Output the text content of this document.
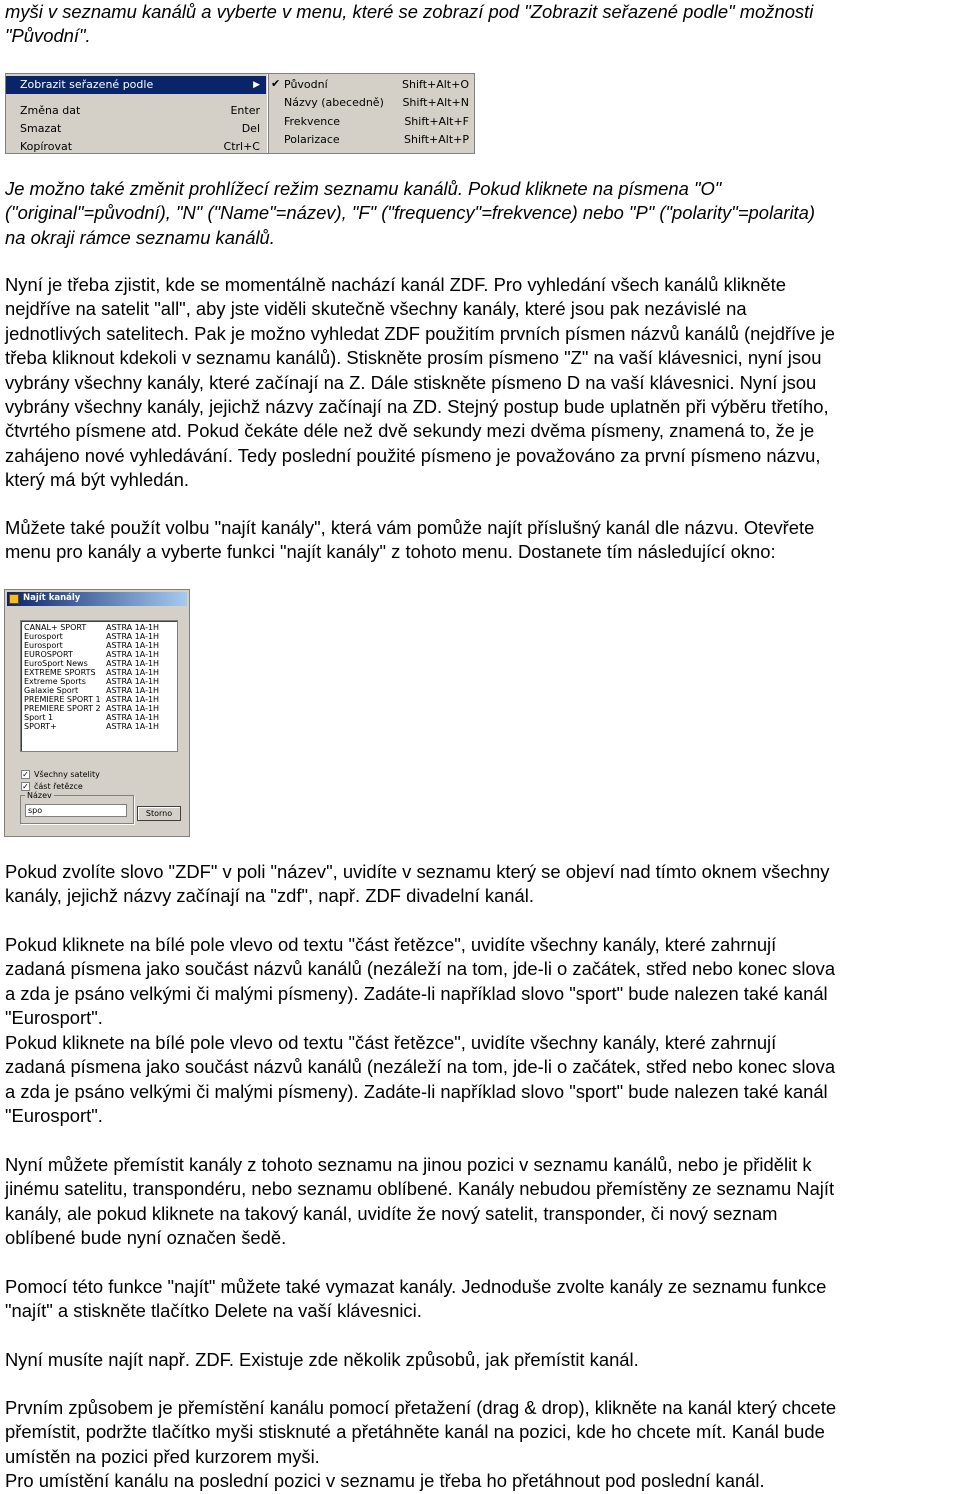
myši v seznamu kanálů a vyberte v menu, které se zobrazí pod "Zobrazit seřazené podle" možnosti
"Původní".
Zobrazit seřazené podle	▶
Změna dat	Enter
Smazat	Del
Kopírovat	Ctrl+C
✔ Původní	Shift+Alt+O
Názvy (abecedně) Shift+Alt+N
Frekvence	Shift+Alt+F
Polarizace	Shift+Alt+P
Je možno také změnit prohlížecí režim seznamu kanálů. Pokud kliknete na písmena "O"
("original"=původní), "N" ("Name"=název), "F" ("frequency"=frekvence) nebo "P" ("polarity"=polarita)
na okraji rámce seznamu kanálů.
Nyní je třeba zjistit, kde se momentálně nachází kanál ZDF. Pro vyhledání všech kanálů klikněte
nejdříve na satelit "all", aby jste viděli skutečně všechny kanály, které jsou pak nezávislé na
jednotlivých satelitech. Pak je možno vyhledat ZDF použitím prvních písmen názvů kanálů (nejdříve je
třeba kliknout kdekoli v seznamu kanálů). Stiskněte prosím písmeno "Z" na vaší klávesnici, nyní jsou
vybrány všechny kanály, které začínají na Z. Dále stiskněte písmeno D na vaší klávesnici. Nyní jsou
vybrány všechny kanály, jejichž názvy začínají na ZD. Stejný postup bude uplatněn při výběru třetího,
čtvrtého písmene atd. Pokud čekáte déle než dvě sekundy mezi dvěma písmeny, znamená to, že je
zahájeno nové vyhledávání. Tedy poslední použité písmeno je považováno za první písmeno názvu,
který má být vyhledán.
Můžete také použít volbu "najít kanály", která vám pomůže najít příslušný kanál dle názvu. Otevřete
menu pro kanály a vyberte funkci "najít kanály" z tohoto menu. Dostanete tím následující okno:
Najít kanály
CANAL+ SPORT ASTRA 1A-1H
Eurosport	ASTRA 1A-1H
Eurosport	ASTRA 1A-1H
EUROSPORT	ASTRA 1A-1H
EuroSport News ASTRA 1A-1H
EXTREME SPORTS ASTRA 1A-1H
Extreme Sports	ASTRA 1A-1H
Galaxie Sport	ASTRA 1A-1H
PREMIERE SPORT 1 ASTRA 1A-1H
PREMIERE SPORT 2 ASTRA 1A-1H
Sport 1	ASTRA 1A-1H
SPORT+	ASTRA 1A-1H
✓ Všechny satelity
✓ část řetězce
Název
spo	Stornо
Pokud zvolíte slovo "ZDF" v poli "název", uvidíte v seznamu který se objeví nad tímto oknem všechny
kanály, jejichž názvy začínají na "zdf", např. ZDF divadelní kanál.
Pokud kliknete na bílé pole vlevo od textu "část řetězce", uvidíte všechny kanály, které zahrnují
zadaná písmena jako součást názvů kanálů (nezáleží na tom, jde-li o začátek, střed nebo konec slova
a zda je psáno velkými či malými písmeny). Zadáte-li například slovo "sport" bude nalezen také kanál
"Eurosport".
Pokud kliknete na bílé pole vlevo od textu "část řetězce", uvidíte všechny kanály, které zahrnují
zadaná písmena jako součást názvů kanálů (nezáleží na tom, jde-li o začátek, střed nebo konec slova
a zda je psáno velkými či malými písmeny). Zadáte-li například slovo "sport" bude nalezen také kanál
"Eurosport".
Nyní můžete přemístit kanály z tohoto seznamu na jinou pozici v seznamu kanálů, nebo je přidělit k
jinému satelitu, transpondéru, nebo seznamu oblíbené. Kanály nebudou přemístěny ze seznamu Najít
kanály, ale pokud kliknete na takový kanál, uvidíte že nový satelit, transponder, či nový seznam
oblíbené bude nyní označen šedě.
Pomocí této funkce "najít" můžete také vymazat kanály. Jednoduše zvolte kanály ze seznamu funkce
"najít" a stiskněte tlačítko Delete na vaší klávesnici.
Nyní musíte najít např. ZDF. Existuje zde několik způsobů, jak přemístit kanál.
Prvním způsobem je přemístění kanálu pomocí přetažení (drag & drop), klikněte na kanál který chcete
přemístit, podržte tlačítko myši stisknuté a přetáhněte kanál na pozici, kde ho chcete mít. Kanál bude
umístěn na pozici před kurzorem myši.
Pro umístění kanálu na poslední pozici v seznamu je třeba ho přetáhnout pod poslední kanál.
